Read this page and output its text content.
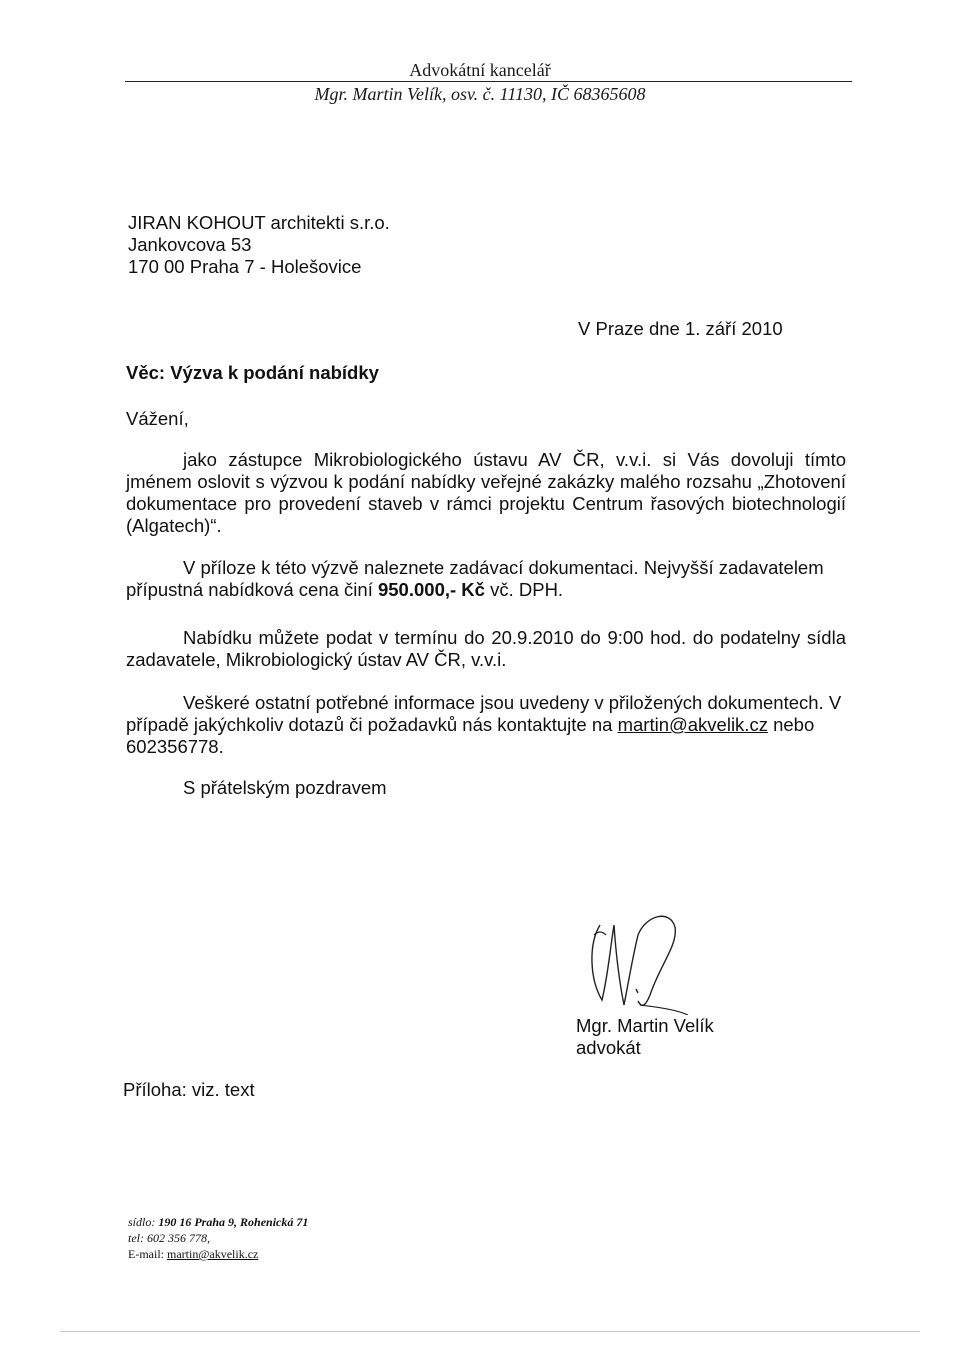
Advokátní kancelář
Mgr. Martin Velík, osv. č. 11130, IČ 68365608
JIRAN KOHOUT architekti s.r.o.
Jankovcova 53
170 00 Praha 7 - Holešovice
V Praze dne 1. září 2010
Věc: Výzva k podání nabídky
Vážení,
jako zástupce Mikrobiologického ústavu AV ČR, v.v.i. si Vás dovoluji tímto jménem oslovit s výzvou k podání nabídky veřejné zakázky malého rozsahu „Zhotovení dokumentace pro provedení staveb v rámci projektu Centrum řasových biotechnologií (Algatech)“.
V příloze k této výzvě naleznete zadávací dokumentaci. Nejvyšší zadavatelem přípustná nabídková cena činí 950.000,- Kč vč. DPH.
Nabídku můžete podat v termínu do 20.9.2010 do 9:00 hod. do podatelny sídla zadavatele, Mikrobiologický ústav AV ČR, v.v.i.
Veškeré ostatní potřebné informace jsou uvedeny v přiložených dokumentech. V případě jakýchkoliv dotazů či požadavků nás kontaktujte na martin@akvelik.cz nebo 602356778.
S přátelským pozdravem
Mgr. Martin Velík
advokát
Příloha: viz. text
sídlo: 190 16 Praha 9, Rohenická 71
tel: 602 356 778,
E-mail: martin@akvelik.cz
